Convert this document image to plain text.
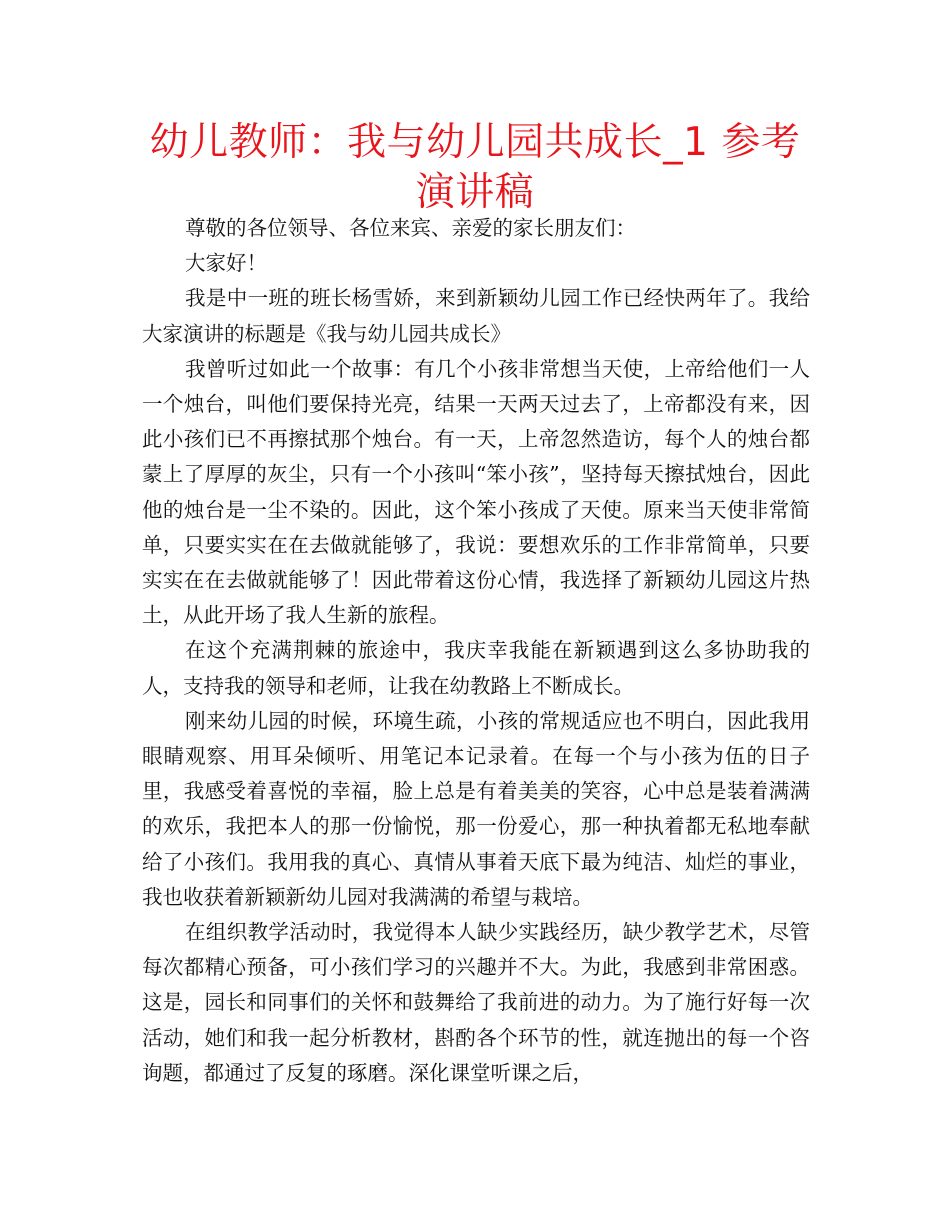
幼儿教师：我与幼儿园共成长_1 参考演讲稿

尊敬的各位领导、各位来宾、亲爱的家长朋友们：

大家好！

我是中一班的班长杨雪娇，来到新颖幼儿园工作已经快两年了。我给大家演讲的标题是《我与幼儿园共成长》

我曾听过如此一个故事：有几个小孩非常想当天使，上帝给他们一人一个烛台，叫他们要保持光亮，结果一天两天过去了，上帝都没有来，因此小孩们已不再擦拭那个烛台。有一天，上帝忽然造访，每个人的烛台都蒙上了厚厚的灰尘，只有一个小孩叫“笨小孩”，坚持每天擦拭烛台，因此他的烛台是一尘不染的。因此，这个笨小孩成了天使。原来当天使非常简单，只要实实在在去做就能够了，我说：要想欢乐的工作非常简单，只要实实在在去做就能够了！因此带着这份心情，我选择了新颖幼儿园这片热土，从此开场了我人生新的旅程。

在这个充满荆棘的旅途中，我庆幸我能在新颖遇到这么多协助我的人，支持我的领导和老师，让我在幼教路上不断成长。

刚来幼儿园的时候，环境生疏，小孩的常规适应也不明白，因此我用眼睛观察、用耳朵倾听、用笔记本记录着。在每一个与小孩为伍的日子里，我感受着喜悦的幸福，脸上总是有着美美的笑容，心中总是装着满满的欢乐，我把本人的那一份愉悦，那一份爱心，那一种执着都无私地奉献给了小孩们。我用我的真心、真情从事着天底下最为纯洁、灿烂的事业，我也收获着新颖新幼儿园对我满满的希望与栽培。

在组织教学活动时，我觉得本人缺少实践经历，缺少教学艺术，尽管每次都精心预备，可小孩们学习的兴趣并不大。为此，我感到非常困惑。这是，园长和同事们的关怀和鼓舞给了我前进的动力。为了施行好每一次活动，她们和我一起分析教材，斟酌各个环节的性，就连抛出的每一个咨询题，都通过了反复的琢磨。深化课堂听课之后，
